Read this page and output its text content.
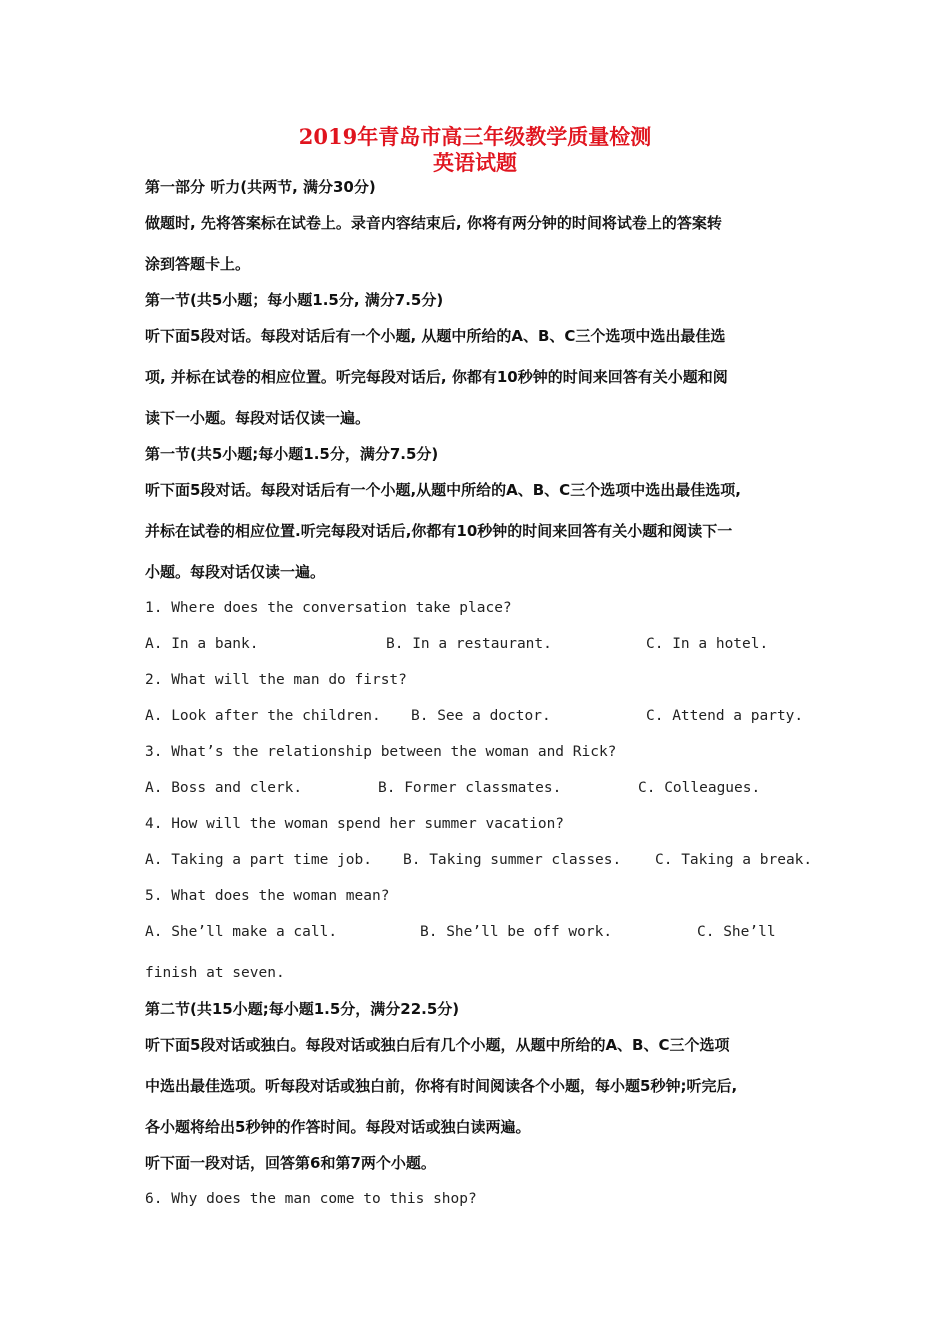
2019年青岛市高三年级教学质量检测
英语试题
第一部分 听力(共两节, 满分30分)
做题时, 先将答案标在试卷上。录音内容结束后, 你将有两分钟的时间将试卷上的答案转
涂到答题卡上。
第一节(共5小题；每小题1.5分, 满分7.5分)
听下面5段对话。每段对话后有一个小题, 从题中所给的A、B、C三个选项中选出最佳选
项, 并标在试卷的相应位置。听完每段对话后, 你都有10秒钟的时间来回答有关小题和阅
读下一小题。每段对话仅读一遍。
第一节(共5小题;每小题1.5分，满分7.5分)
听下面5段对话。每段对话后有一个小题,从题中所给的A、B、C三个选项中选出最佳选项,
并标在试卷的相应位置.听完每段对话后,你都有10秒钟的时间来回答有关小题和阅读下一
小题。每段对话仅读一遍。
1. Where does the conversation take place?
A. In a bank.	B. In a restaurant.	C. In a hotel.
2. What will the man do first?
A. Look after the children. B. See a doctor.	C. Attend a party.
3. What’s the relationship between the woman and Rick?
A. Boss and clerk.	B. Former classmates.	C. Colleagues.
4. How will the woman spend her summer vacation?
A. Taking a part time job. B. Taking summer classes. C. Taking a break.
5. What does the woman mean?
A. She’ll make a call.	B. She’ll be off work.	C. She’ll
finish at seven.
第二节(共15小题;每小题1.5分，满分22.5分)
听下面5段对话或独白。每段对话或独白后有几个小题，从题中所给的A、B、C三个选项
中选出最佳选项。听每段对话或独白前，你将有时间阅读各个小题，每小题5秒钟;听完后,
各小题将给出5秒钟的作答时间。每段对话或独白读两遍。
听下面一段对话，回答第6和第7两个小题。
6. Why does the man come to this shop?
